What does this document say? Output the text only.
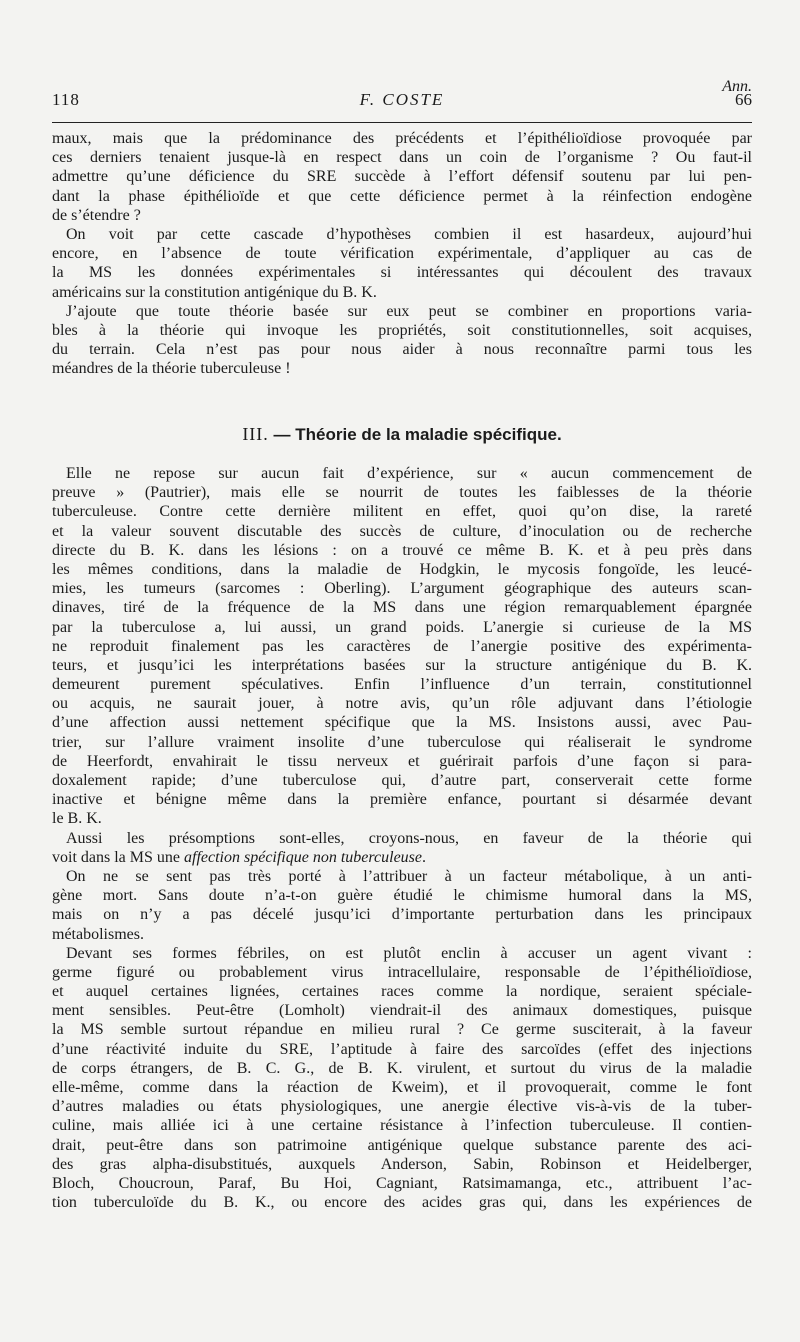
Ann.
118	F. COSTE	66
maux, mais que la prédominance des précédents et l’épithélioïdiose provoquée par
ces derniers tenaient jusque-là en respect dans un coin de l’organisme ? Ou faut-il
admettre qu’une déficience du SRE succède à l’effort défensif soutenu par lui pen-
dant la phase épithélioïde et que cette déficience permet à la réinfection endogène
de s’étendre ?
On voit par cette cascade d’hypothèses combien il est hasardeux, aujourd’hui
encore, en l’absence de toute vérification expérimentale, d’appliquer au cas de
la MS les données expérimentales si intéressantes qui découlent des travaux
américains sur la constitution antigénique du B. K.
J’ajoute que toute théorie basée sur eux peut se combiner en proportions varia-
bles à la théorie qui invoque les propriétés, soit constitutionnelles, soit acquises,
du terrain. Cela n’est pas pour nous aider à nous reconnaître parmi tous les
méandres de la théorie tuberculeuse !
III. — Théorie de la maladie spécifique.
Elle ne repose sur aucun fait d’expérience, sur « aucun commencement de
preuve » (Pautrier), mais elle se nourrit de toutes les faiblesses de la théorie
tuberculeuse. Contre cette dernière militent en effet, quoi qu’on dise, la rareté
et la valeur souvent discutable des succès de culture, d’inoculation ou de recherche
directe du B. K. dans les lésions : on a trouvé ce même B. K. et à peu près dans
les mêmes conditions, dans la maladie de Hodgkin, le mycosis fongoïde, les leucé-
mies, les tumeurs (sarcomes : Oberling). L’argument géographique des auteurs scan-
dinaves, tiré de la fréquence de la MS dans une région remarquablement épargnée
par la tuberculose a, lui aussi, un grand poids. L’anergie si curieuse de la MS
ne reproduit finalement pas les caractères de l’anergie positive des expérimenta-
teurs, et jusqu’ici les interprétations basées sur la structure antigénique du B. K.
demeurent purement spéculatives. Enfin l’influence d’un terrain, constitutionnel
ou acquis, ne saurait jouer, à notre avis, qu’un rôle adjuvant dans l’étiologie
d’une affection aussi nettement spécifique que la MS. Insistons aussi, avec Pau-
trier, sur l’allure vraiment insolite d’une tuberculose qui réaliserait le syndrome
de Heerfordt, envahirait le tissu nerveux et guérirait parfois d’une façon si para-
doxalement rapide; d’une tuberculose qui, d’autre part, conserverait cette forme
inactive et bénigne même dans la première enfance, pourtant si désarmée devant
le B. K.
Aussi les présomptions sont-elles, croyons-nous, en faveur de la théorie qui
voit dans la MS une affection spécifique non tuberculeuse.
On ne se sent pas très porté à l’attribuer à un facteur métabolique, à un anti-
gène mort. Sans doute n’a-t-on guère étudié le chimisme humoral dans la MS,
mais on n’y a pas décelé jusqu’ici d’importante perturbation dans les principaux
métabolismes.
Devant ses formes fébriles, on est plutôt enclin à accuser un agent vivant :
germe figuré ou probablement virus intracellulaire, responsable de l’épithélioïdiose,
et auquel certaines lignées, certaines races comme la nordique, seraient spéciale-
ment sensibles. Peut-être (Lomholt) viendrait-il des animaux domestiques, puisque
la MS semble surtout répandue en milieu rural ? Ce germe susciterait, à la faveur
d’une réactivité induite du SRE, l’aptitude à faire des sarcoïdes (effet des injections
de corps étrangers, de B. C. G., de B. K. virulent, et surtout du virus de la maladie
elle-même, comme dans la réaction de Kweim), et il provoquerait, comme le font
d’autres maladies ou états physiologiques, une anergie élective vis-à-vis de la tuber-
culine, mais alliée ici à une certaine résistance à l’infection tuberculeuse. Il contien-
drait, peut-être dans son patrimoine antigénique quelque substance parente des aci-
des gras alpha-disubstitués, auxquels Anderson, Sabin, Robinson et Heidelberger,
Bloch, Choucroun, Paraf, Bu Hoi, Cagniant, Ratsimamanga, etc., attribuent l’ac-
tion tuberculoïde du B. K., ou encore des acides gras qui, dans les expériences de
